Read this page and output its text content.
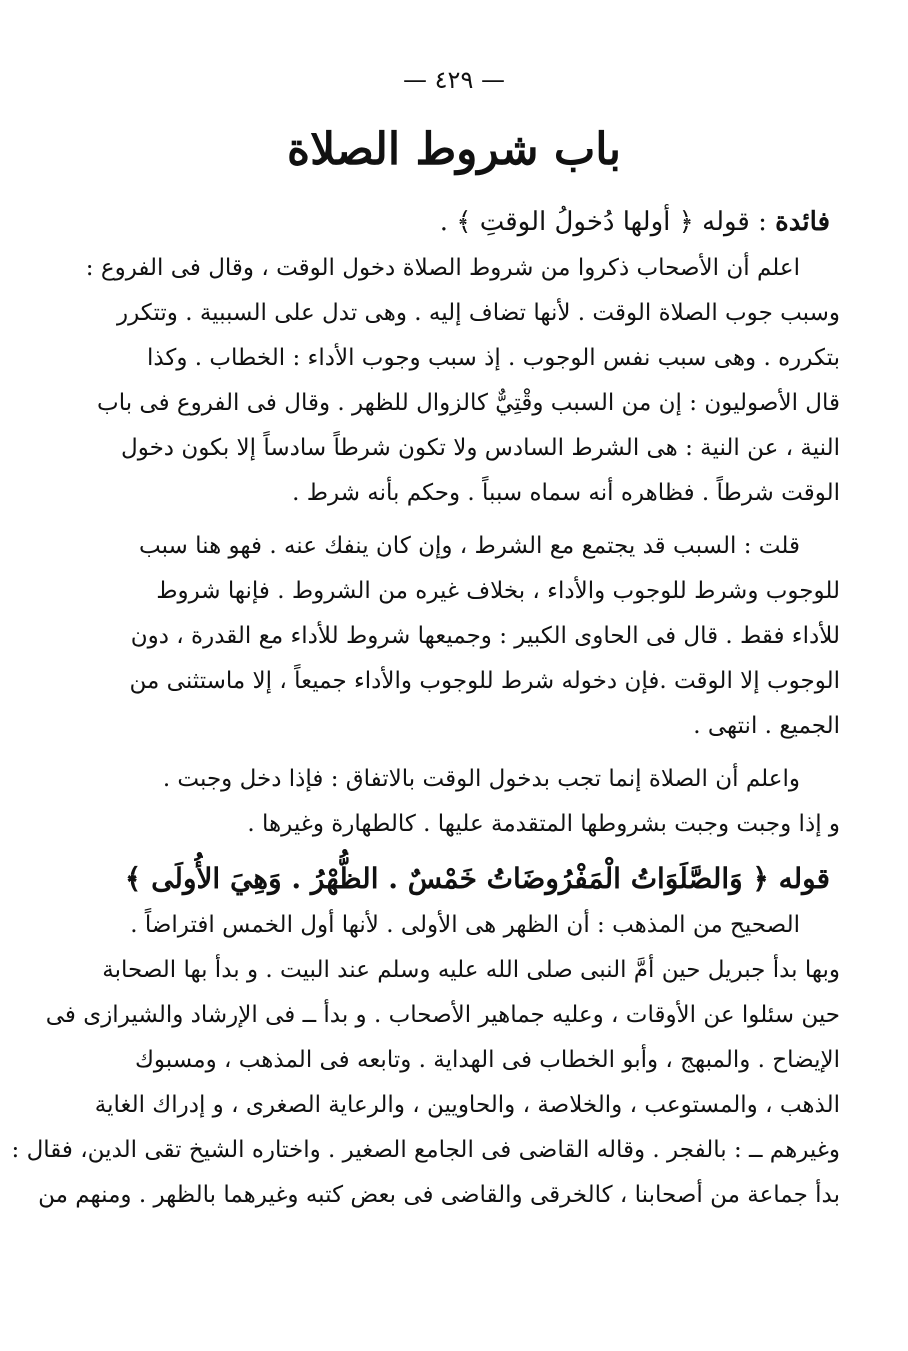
— ٤٢٩ —
باب شروط الصلاة
فائدة : قوله ﴿ أولها دُخولُ الوقتِ ﴾ .
اعلم أن الأصحاب ذكروا من شروط الصلاة دخول الوقت ، وقال فى الفروع :
وسبب جوب الصلاة الوقت . لأنها تضاف إليه . وهى تدل على السببية . وتتكرر
بتكرره . وهى سبب نفس الوجوب . إذ سبب وجوب الأداء : الخطاب . وكذا
قال الأصوليون : إن من السبب وقْتِيٌّ كالزوال للظهر . وقال فى الفروع فى باب
النية ، عن النية : هى الشرط السادس ولا تكون شرطاً سادساً إلا بكون دخول
الوقت شرطاً . فظاهره أنه سماه سبباً . وحكم بأنه شرط .
قلت : السبب قد يجتمع مع الشرط ، وإن كان ينفك عنه . فهو هنا سبب
للوجوب وشرط للوجوب والأداء ، بخلاف غيره من الشروط . فإنها شروط
للأداء فقط . قال فى الحاوى الكبير : وجميعها شروط للأداء مع القدرة ، دون
الوجوب إلا الوقت .فإن دخوله شرط للوجوب والأداء جميعاً ، إلا ماستثنى من
الجميع . انتهى .
واعلم أن الصلاة إنما تجب بدخول الوقت بالاتفاق : فإذا دخل وجبت .
و إذا وجبت وجبت بشروطها المتقدمة عليها . كالطهارة وغيرها .
قوله ﴿ وَالصَّلَوَاتُ الْمَفْرُوضَاتُ خَمْسٌ . الظُّهْرُ . وَهِيَ الأُولَى ﴾
الصحيح من المذهب : أن الظهر هى الأولى . لأنها أول الخمس افتراضاً .
وبها بدأ جبريل حين أمَّ النبى صلى الله عليه وسلم عند البيت . و بدأ بها الصحابة
حين سئلوا عن الأوقات ، وعليه جماهير الأصحاب . و بدأ ــ فى الإرشاد والشيرازى فى
الإيضاح . والمبهج ، وأبو الخطاب فى الهداية . وتابعه فى المذهب ، ومسبوك
الذهب ، والمستوعب ، والخلاصة ، والحاويين ، والرعاية الصغرى ، و إدراك الغاية
وغيرهم ــ : بالفجر . وقاله القاضى فى الجامع الصغير . واختاره الشيخ تقى الدين، فقال :
بدأ جماعة من أصحابنا ، كالخرقى والقاضى فى بعض كتبه وغيرهما بالظهر . ومنهم من
